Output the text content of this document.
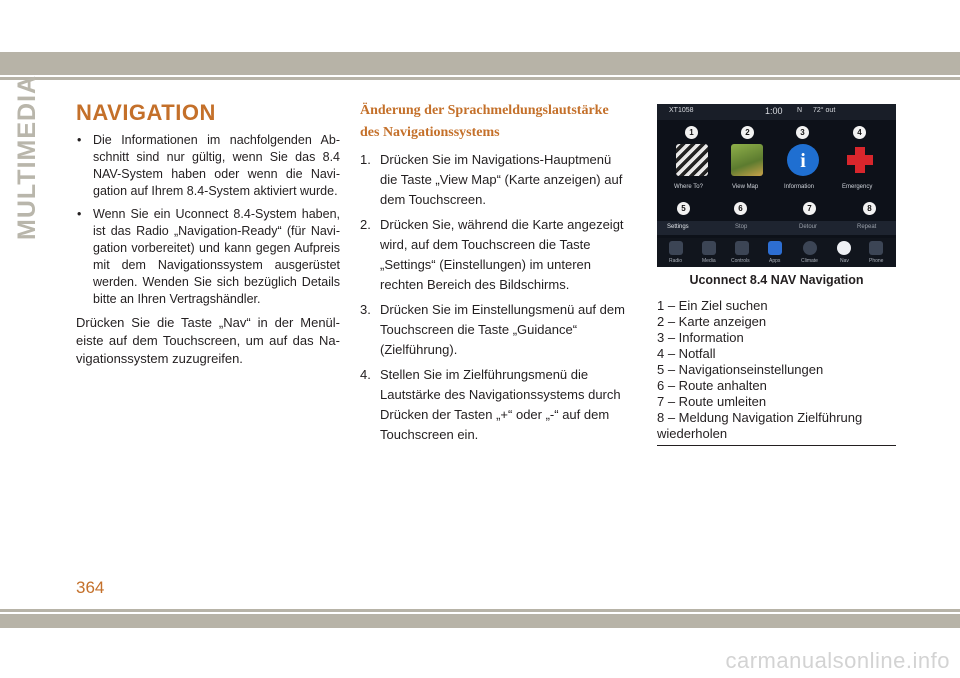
MULTIMEDIA NAVIGATION
• Die Informationen im nachfolgenden Ab-schnitt sind nur gültig, wenn Sie das 8.4 NAV-System haben oder wenn die Navi-gation auf Ihrem 8.4-System aktiviert wurde.
• Wenn Sie ein Uconnect 8.4-System haben, ist das Radio „Navigation-Ready“ (für Navi-gation vorbereitet) und kann gegen Aufpreis mit dem Navigationssystem ausgerüstet werden. Wenden Sie sich bezüglich Details bitte an Ihren Vertragshändler.
Drücken Sie die Taste „Nav“ in der Menül-eiste auf dem Touchscreen, um auf das Na-vigationssystem zuzugreifen.
Änderung der Sprachmeldungslautstärke des Navigationssystems
1. Drücken Sie im Navigations-Hauptmenü die Taste „View Map“ (Karte anzeigen) auf dem Touchscreen.
2. Drücken Sie, während die Karte angezeigt wird, auf dem Touchscreen die Taste „Settings“ (Einstellungen) im unteren rechten Bereich des Bildschirms.
3. Drücken Sie im Einstellungsmenü auf dem Touchscreen die Taste „Guidance“ (Zielführung).
4. Stellen Sie im Zielführungsmenü die Lautstärke des Navigationssystems durch Drücken der Tasten „+“ oder „-“ auf dem Touchscreen ein.
XT1058	1:00 N 72° out
1	2	3	4
i
Where To?	View Map	Information	Emergency
5	6	7	8
Settings	Stop	Detour	Repeat
Radio	Media	Controls	Apps	Climate	Nav	Phone
Uconnect 8.4 NAV Navigation
1 – Ein Ziel suchen
2 – Karte anzeigen
3 – Information
4 – Notfall
5 – Navigationseinstellungen
6 – Route anhalten
7 – Route umleiten
8 – Meldung Navigation Zielführung wiederholen
364
carmanualsonline.info
